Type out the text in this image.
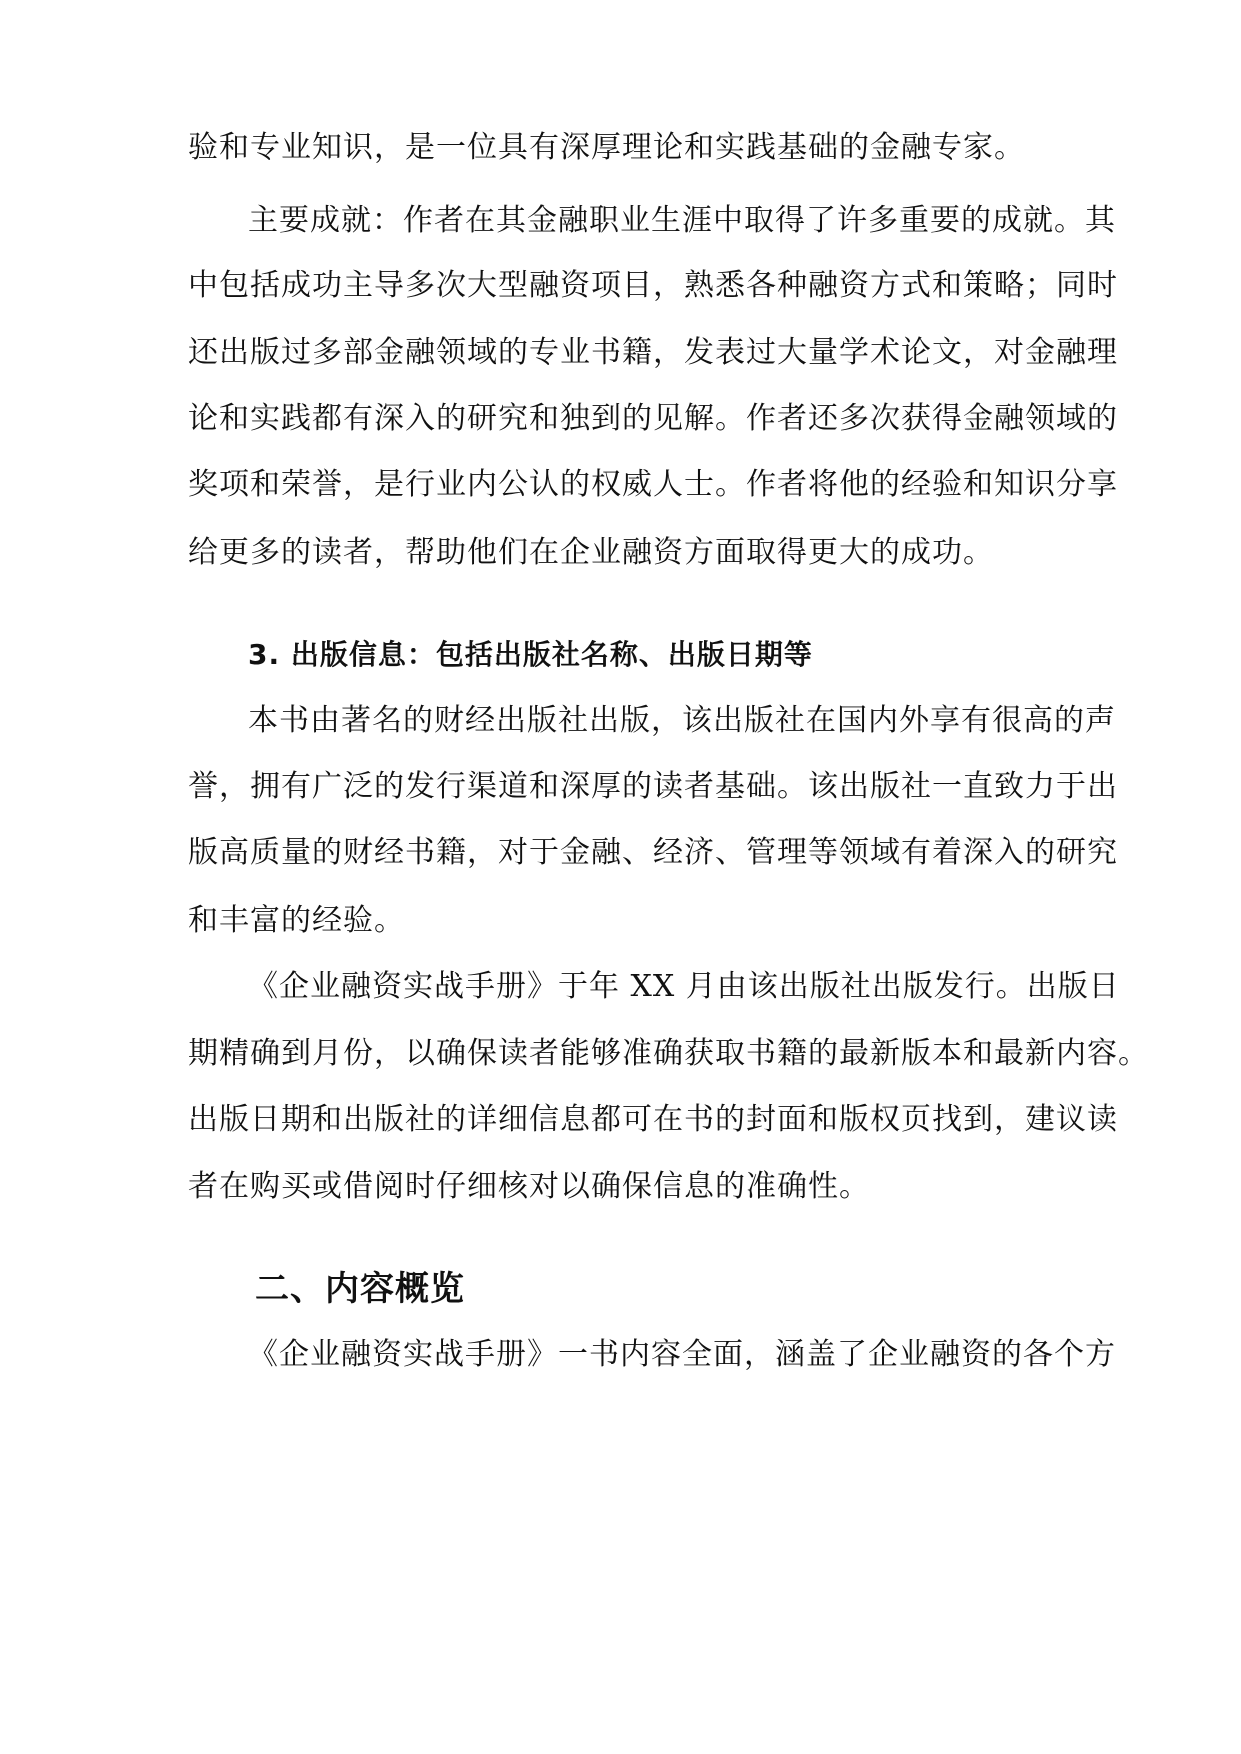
验和专业知识，是一位具有深厚理论和实践基础的金融专家。
主要成就：作者在其金融职业生涯中取得了许多重要的成就。其
中包括成功主导多次大型融资项目，熟悉各种融资方式和策略；同时
还出版过多部金融领域的专业书籍，发表过大量学术论文，对金融理
论和实践都有深入的研究和独到的见解。作者还多次获得金融领域的
奖项和荣誉，是行业内公认的权威人士。作者将他的经验和知识分享
给更多的读者，帮助他们在企业融资方面取得更大的成功。
3. 出版信息：包括出版社名称、出版日期等
本书由著名的财经出版社出版，该出版社在国内外享有很高的声
誉，拥有广泛的发行渠道和深厚的读者基础。该出版社一直致力于出
版高质量的财经书籍，对于金融、经济、管理等领域有着深入的研究
和丰富的经验。
《企业融资实战手册》于年 XX 月由该出版社出版发行。出版日
期精确到月份，以确保读者能够准确获取书籍的最新版本和最新内容。
出版日期和出版社的详细信息都可在书的封面和版权页找到，建议读
者在购买或借阅时仔细核对以确保信息的准确性。
二、内容概览
《企业融资实战手册》一书内容全面，涵盖了企业融资的各个方
